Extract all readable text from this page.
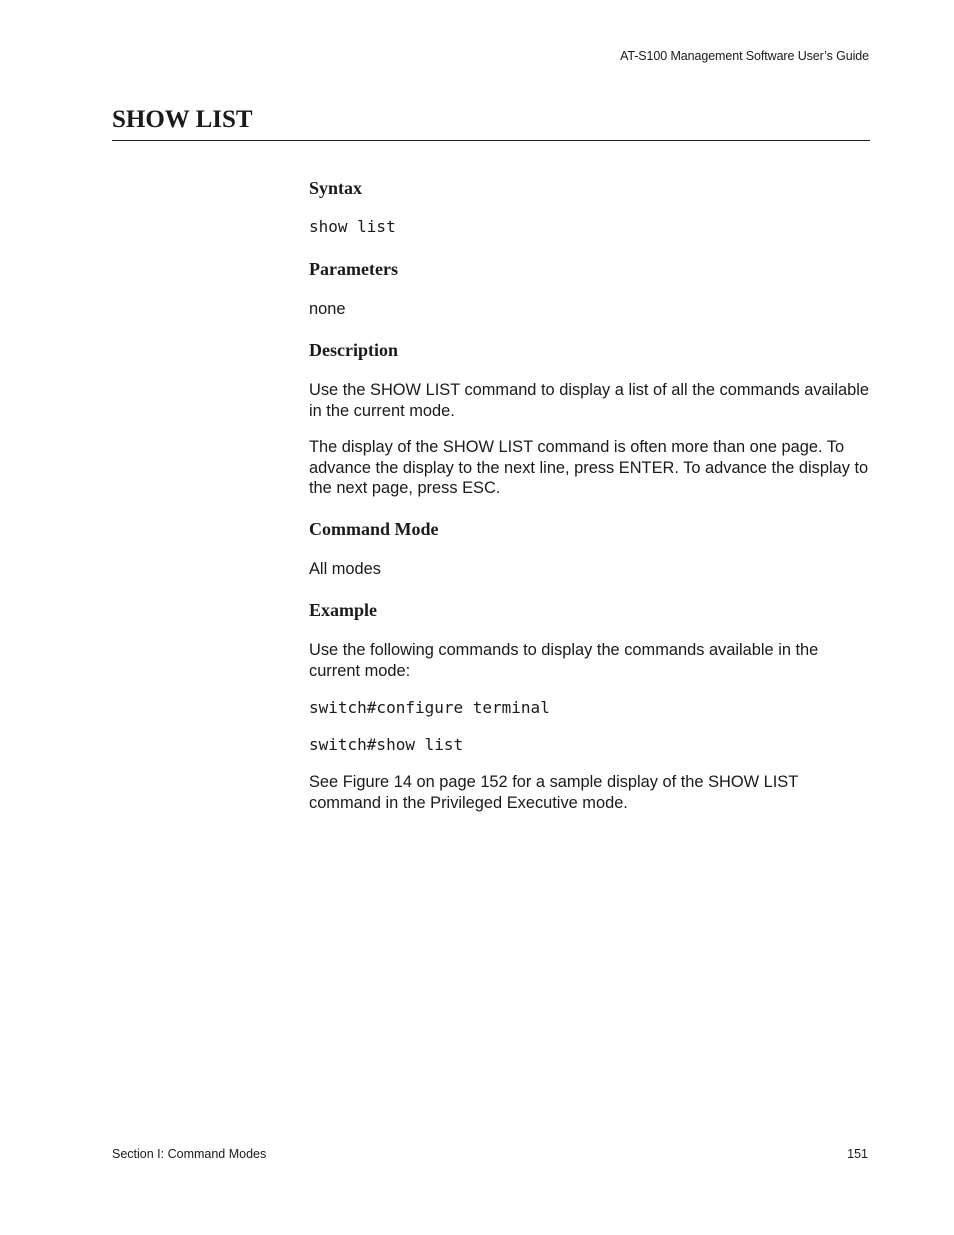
AT-S100 Management Software User’s Guide
SHOW LIST
Syntax
show list
Parameters

none

Description

Use the SHOW LIST command to display a list of all the commands available in the current mode.

The display of the SHOW LIST command is often more than one page. To advance the display to the next line, press ENTER. To advance the display to the next page, press ESC.

Command Mode

All modes

Example

Use the following commands to display the commands available in the current mode:

switch#configure terminal
switch#show list

See Figure 14 on page 152 for a sample display of the SHOW LIST command in the Privileged Executive mode.

Section I: Command Modes	151
